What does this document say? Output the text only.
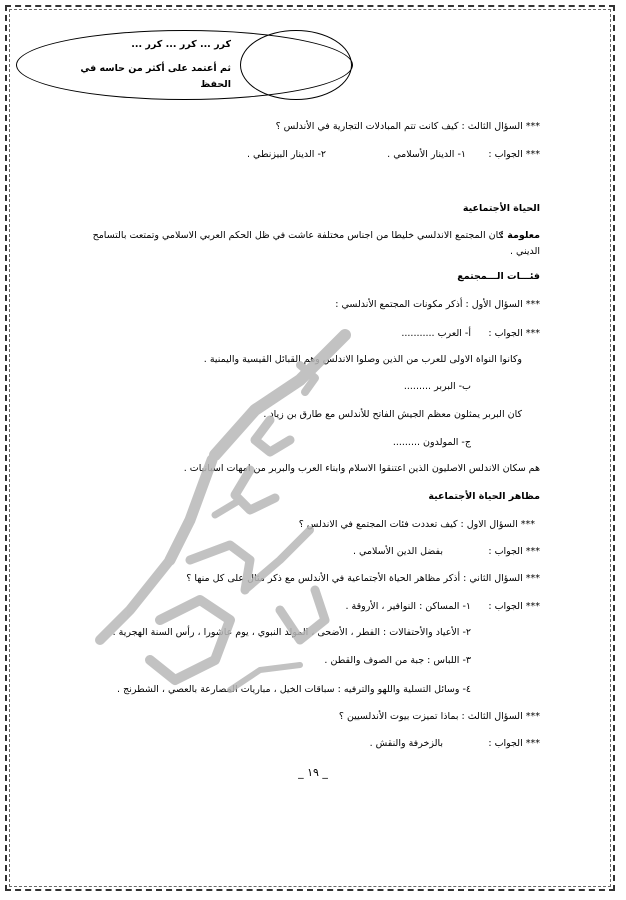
كرر ... كرر ... كرر ...
ثم أعتمد على أكثر من حاسه في
الحفظ
*** السؤال الثالث : كيف كانت تتم المبادلات التجارية في الأندلس ؟
*** الجواب :
١- الدينار الأسلامي .
٢- الدينار البيزنطي .
الحياة الأجتماعية
معلومة :
كان المجتمع الاندلسي خليطا من اجناس مختلفة عاشت في ظل الحكم العربي الاسلامي وتمتعت بالتسامح
الديني .
فئـــات الـــمجتمع
*** السؤال الأول : أذكر مكونات المجتمع الأندلسي :
*** الجواب :
أ- العرب ...........
وكانوا النواة الاولى للعرب من الذين وصلوا الاندلس وهم القبائل القيسية واليمنية .
ب- البربر .........
كان البربر يمثلون معظم الجيش الفاتح للأندلس مع طارق بن زياد .
ج- المولدون .........
هم سكان الاندلس الاصليون الذين اعتنقوا الاسلام وابناء العرب والبربر من امهات اسبانيات .
مظاهر الحياة الأجتماعية
*** السؤال الاول : كيف تعددت فئات المجتمع في الاندلس ؟
*** الجواب :
بفضل الدين الأسلامي .
*** السؤال الثاني : أذكر مظاهر الحياة الأجتماعية في الأندلس مع ذكر مثال على كل منها ؟
*** الجواب :
١- المساكن : النوافير ، الأروقة .
٢- الأعياد والأحتفالات : الفطر ، الأضحى ، المولد النبوي ، يوم عاشورا ، رأس السنة الهجرية .
٣- اللباس : جبة من الصوف والقطن .
٤- وسائل التسلية واللهو والترفيه : سباقات الخيل ، مباريات المصارعة بالعصي ، الشطرنج .
*** السؤال الثالث : بماذا تميزت بيوت الأندلسيين ؟
*** الجواب :
بالزخرفة والنقش .
_ ١٩ _
